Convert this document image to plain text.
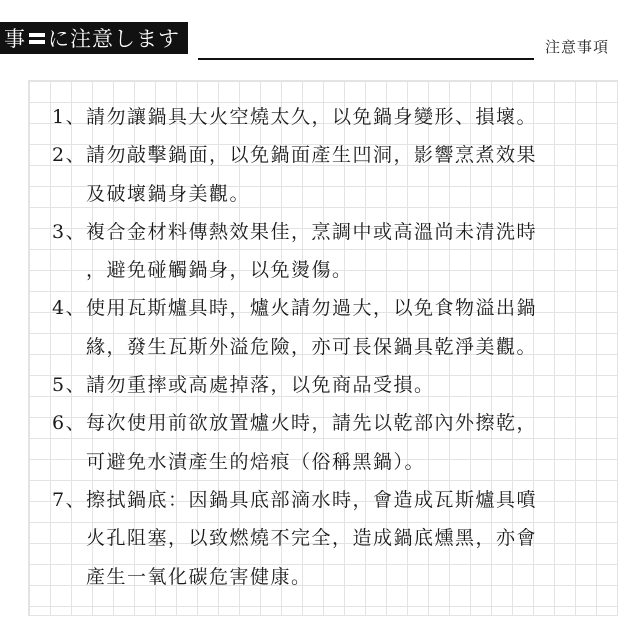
事 に注意します	注意事項
1、請勿讓鍋具大火空燒太久，以免鍋身變形、損壞。
2、請勿敲擊鍋面，以免鍋面產生凹洞，影響烹煮效果
及破壞鍋身美觀。
3、複合金材料傳熱效果佳，烹調中或高溫尚未清洗時
，避免碰觸鍋身，以免燙傷。
4、使用瓦斯爐具時，爐火請勿過大，以免食物溢出鍋
緣，發生瓦斯外溢危險，亦可長保鍋具乾淨美觀。
5、請勿重摔或高處掉落，以免商品受損。
6、每次使用前欲放置爐火時，請先以乾部內外擦乾，
可避免水漬產生的焙痕（俗稱黑鍋）。
7、擦拭鍋底：因鍋具底部滴水時，會造成瓦斯爐具噴
火孔阻塞，以致燃燒不完全，造成鍋底燻黑，亦會
產生一氧化碳危害健康。
